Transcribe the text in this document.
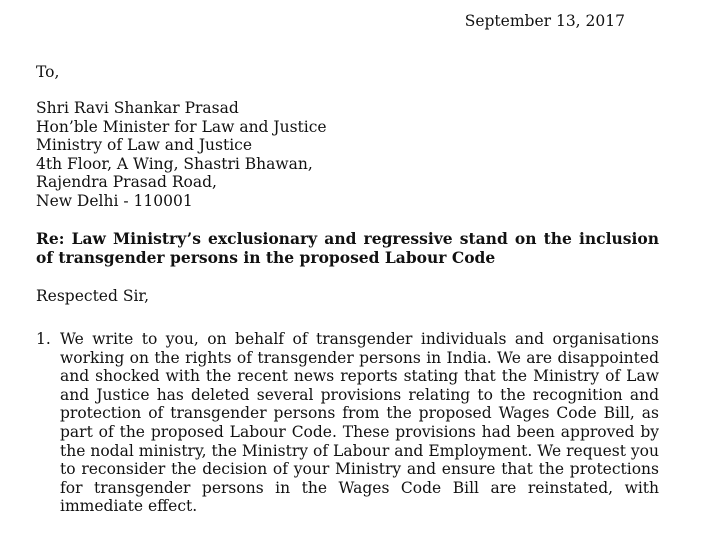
September 13, 2017
To,
Shri Ravi Shankar Prasad
Hon’ble Minister for Law and Justice
Ministry of Law and Justice
4th Floor, A Wing, Shastri Bhawan,
Rajendra Prasad Road,
New Delhi - 110001
Re: Law Ministry’s exclusionary and regressive stand on the inclusion of transgender persons in the proposed Labour Code
Respected Sir,
1. We write to you, on behalf of transgender individuals and organisations working on the rights of transgender persons in India. We are disappointed and shocked with the recent news reports stating that the Ministry of Law and Justice has deleted several provisions relating to the recognition and protection of transgender persons from the proposed Wages Code Bill, as part of the proposed Labour Code. These provisions had been approved by the nodal ministry, the Ministry of Labour and Employment. We request you to reconsider the decision of your Ministry and ensure that the protections for transgender persons in the Wages Code Bill are reinstated, with immediate effect.
